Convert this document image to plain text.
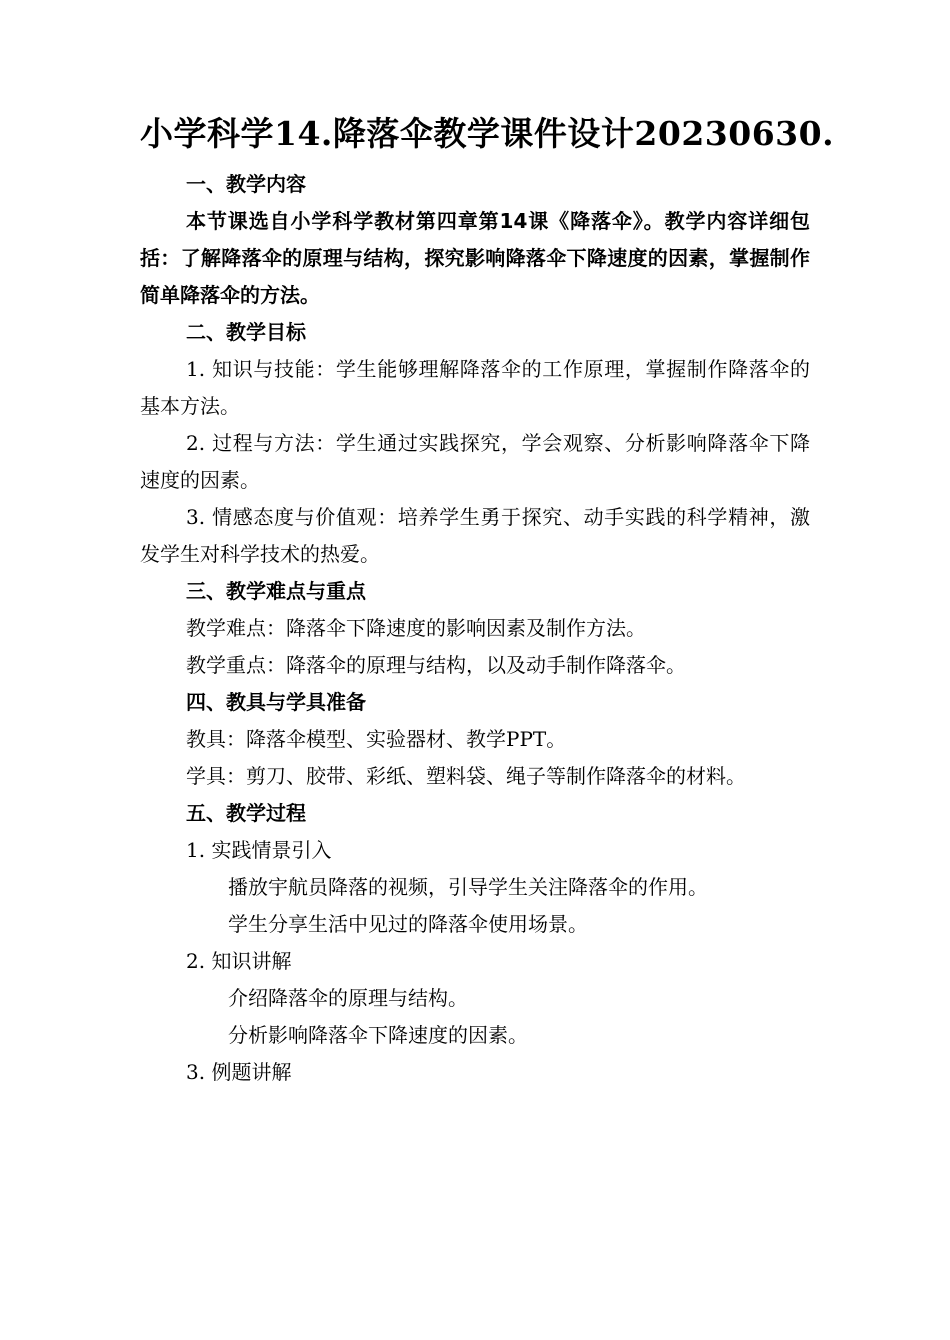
小学科学14.降落伞教学课件设计20230630.

一、教学内容

本节课选自小学科学教材第四章第14课《降落伞》。教学内容详细包括：了解降落伞的原理与结构，探究影响降落伞下降速度的因素，掌握制作简单降落伞的方法。

二、教学目标

1. 知识与技能：学生能够理解降落伞的工作原理，掌握制作降落伞的基本方法。

2. 过程与方法：学生通过实践探究，学会观察、分析影响降落伞下降速度的因素。

3. 情感态度与价值观：培养学生勇于探究、动手实践的科学精神，激发学生对科学技术的热爱。

三、教学难点与重点

教学难点：降落伞下降速度的影响因素及制作方法。

教学重点：降落伞的原理与结构，以及动手制作降落伞。

四、教具与学具准备

教具：降落伞模型、实验器材、教学PPT。

学具：剪刀、胶带、彩纸、塑料袋、绳子等制作降落伞的材料。

五、教学过程

1. 实践情景引入

播放宇航员降落的视频，引导学生关注降落伞的作用。

学生分享生活中见过的降落伞使用场景。

2. 知识讲解

介绍降落伞的原理与结构。

分析影响降落伞下降速度的因素。

3. 例题讲解
